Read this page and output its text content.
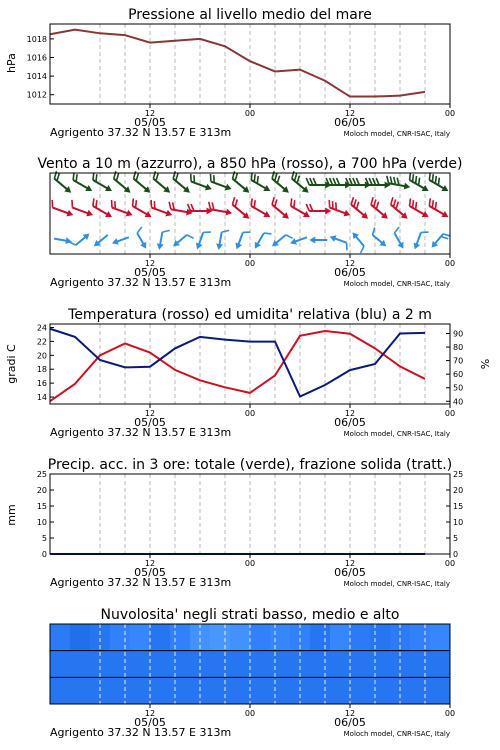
Pressione al livello medio del mare
Vento a 10 m (azzurro), a 850 hPa (rosso), a 700 hPa (verde)
Temperatura (rosso) ed umidita' relativa (blu) a 2 m
Precip. acc. in 3 ore: totale (verde), frazione solida (tratt.)
Nuvolosita' negli strati basso, medio e alto
hPa
gradi C	%
mm
1012
1014
1016
1018
12	00	12	00
05/05	06/05
Agrigento 37.32 N 13.57 E 313m	Moloch model, CNR-ISAC, Italy
12	00	12	00
05/05	06/05
Agrigento 37.32 N 13.57 E 313m	Moloch model, CNR-ISAC, Italy
14
16
18
20
22
24
40
50
60
70
80
90
12	00	12	00
05/05	06/05
Agrigento 37.32 N 13.57 E 313m	Moloch model, CNR-ISAC, Italy
0	0
5	5
10	10
15	15
20	20
25	25
12	00	12	00
05/05	06/05
Agrigento 37.32 N 13.57 E 313m	Moloch model, CNR-ISAC, Italy
12	00	12	00
05/05	06/05
Agrigento 37.32 N 13.57 E 313m	Moloch model, CNR-ISAC, Italy
